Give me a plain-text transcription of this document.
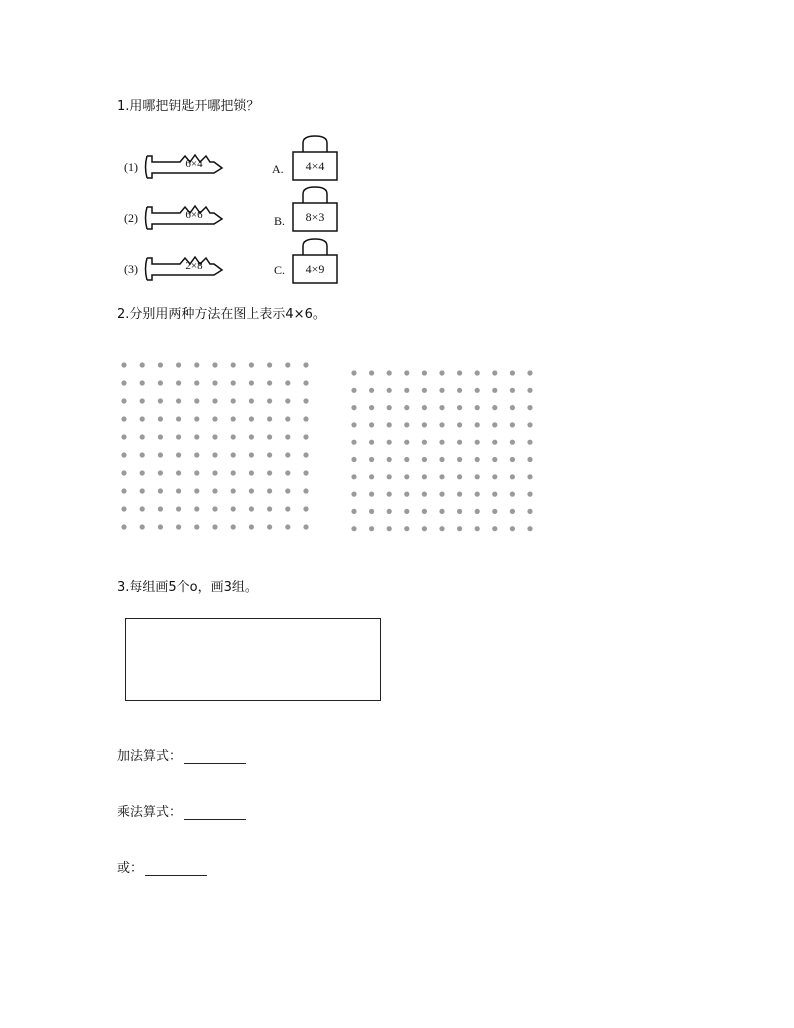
1.用哪把钥匙开哪把锁？
(1)	6×4
(2)	6×6
(3)	2×8
A.	4×4
B.	8×3
C.	4×9
2.分别用两种方法在图上表示4×6。
3.每组画5个o，画3组。
加法算式：
乘法算式：
或：
